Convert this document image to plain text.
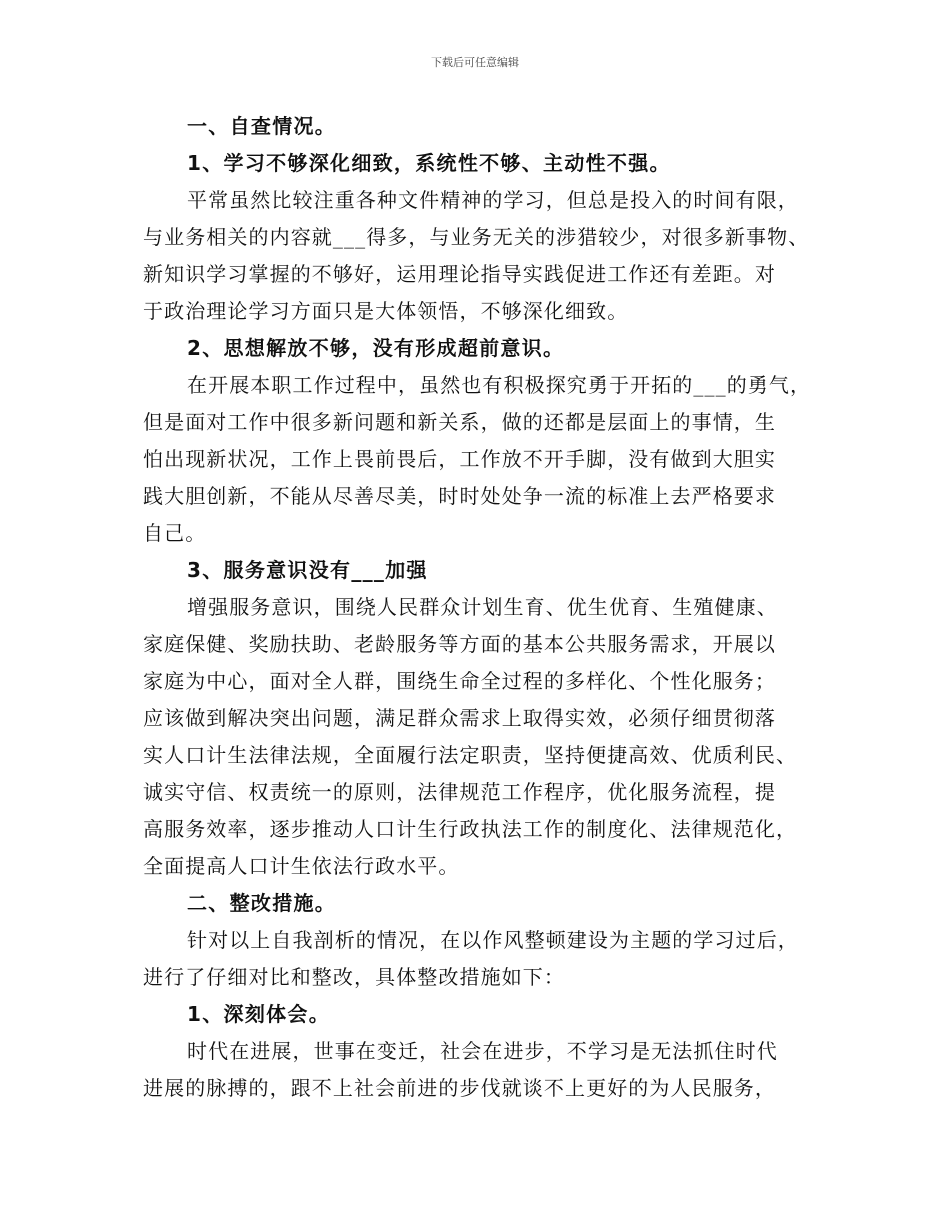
下载后可任意编辑
一、自查情况。
1、学习不够深化细致，系统性不够、主动性不强。
平常虽然比较注重各种文件精神的学习，但总是投入的时间有限，
与业务相关的内容就___得多，与业务无关的涉猎较少，对很多新事物、
新知识学习掌握的不够好，运用理论指导实践促进工作还有差距。对
于政治理论学习方面只是大体领悟，不够深化细致。
2、思想解放不够，没有形成超前意识。
在开展本职工作过程中，虽然也有积极探究勇于开拓的___的勇气，
但是面对工作中很多新问题和新关系，做的还都是层面上的事情，生
怕出现新状况，工作上畏前畏后，工作放不开手脚，没有做到大胆实
践大胆创新，不能从尽善尽美，时时处处争一流的标准上去严格要求
自己。
3、服务意识没有___加强
增强服务意识，围绕人民群众计划生育、优生优育、生殖健康、
家庭保健、奖励扶助、老龄服务等方面的基本公共服务需求，开展以
家庭为中心，面对全人群，围绕生命全过程的多样化、个性化服务；
应该做到解决突出问题，满足群众需求上取得实效，必须仔细贯彻落
实人口计生法律法规，全面履行法定职责，坚持便捷高效、优质利民、
诚实守信、权责统一的原则，法律规范工作程序，优化服务流程，提
高服务效率，逐步推动人口计生行政执法工作的制度化、法律规范化，
全面提高人口计生依法行政水平。
二、整改措施。
针对以上自我剖析的情况，在以作风整顿建设为主题的学习过后，
进行了仔细对比和整改，具体整改措施如下：
1、深刻体会。
时代在进展，世事在变迁，社会在进步，不学习是无法抓住时代
进展的脉搏的，跟不上社会前进的步伐就谈不上更好的为人民服务，
